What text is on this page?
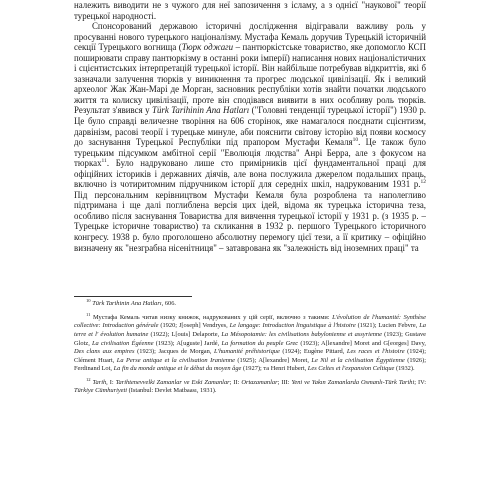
належить виводити не з чужого для неї запозичення з ісламу, а з однієї "наукової" теорії турецької народності.

Спонсорований державою історичні дослідження відігравали важливу роль у просуванні нового турецького націоналізму. Мустафа Кемаль доручив Турецькій історичній секції Турецького вогнища (Тюрк оджаги – пантюркістське товариство, яке допомогло КСП поширювати справу пантюркізму в останні роки імперії) написання нових націоналістичних і сцієнтистських інтерпретацій турецької історії. Він найбільше потребував відкриттів, які б зазначали залучення тюрків у виникнення та прогрес людської цивілізації. Як і великий археолог Жак Жан-Марі де Морган, засновник республіки хотів знайти початки людського життя та колиску цивілізації, проте він сподівався виявити в них особливу роль тюрків. Результат з'явився у Türk Tarihinin Ana Hatları ("Головні тенденції турецької історії") 1930 р. Це було справді величезне творіння на 606 сторінок, яке намагалося поєднати сцієнтизм, дарвінізм, расові теорії і турецьке минуле, аби пояснити світову історію від появи космосу до заснування Турецької Республіки під прапором Мустафи Кемаля$^{10}$. Це також було турецьким підсумком амбітної серії "Еволюція людства" Анрі Берра, але з фокусом на тюрках$^{11}$. Було надруковано лише сто примірників цієї фундаментальної праці для офіційних істориків і державних діячів, але вона послужила джерелом подальших праць, включно із чотиритомним підручником історії для середніх шкіл, надрукованим 1931 р.$^{12}$ Під персональним керівництвом Мустафи Кемаля була розроблена та наполегливо підтримана і ще далі поглиблена версія цих ідей, відома як турецька історична теза, особливо після заснування Товариства для вивчення турецької історії у 1931 р. (з 1935 р. – Турецьке історичне товариство) та скликання в 1932 р. першого Турецького історичного конгресу. 1938 р. було проголошено абсолютну перемогу цієї тези, а її критику – офіційно визначену як "незграбна нісенітниця" – затаврована як "залежність від іноземних праці" та

$^{10}$ Türk Tarihinin Ana Hatları, 606.

$^{11}$ Мустафа Кемаль читав низку книжок, надрукованих у цій серії, включно з такими: L'évolution de l'humanité: Synthèse collective: Introduction générale (1920; J[oseph] Vendryes, Le langage: Introduction linguistique à l'histoire (1921); Lucien Febvre, La terre et l' évolution humaine (1922); L[ouis] Delaporte, La Mésopotamie: les civilisations babylonienne et assyrienne (1923); Gustave Glotz, La civilisation Égéenne (1923); A[uguste] Jardé, La formation du peuple Grec (1923); A[lexandre] Moret and G[eorges] Davy, Des clans aux empires (1923); Jacques de Morgan, L'humanité préhistorique (1924); Eugène Pittard, Les races et l'histoire (1924); Clément Huart, La Perse antique et la civilisation Iranienne (1925); A[lexandre] Moret, Le Nil et la civilisation Égyptienne (1926); Ferdinand Lot, La fin du monde antique et le début du moyen âge (1927); та Henri Hubert, Les Celtes et l'expansion Celtique (1932).

$^{12}$ Tarih, I: Tarihtenevvelki Zamanlar ve Eski Zamanlar; II: Ortazamanlar; III: Yeni ve Yakın Zamanlarda Osmanlı-Türk Tarihi; IV: Türkiye Cümhuriyeti (Istanbul: Devlet Matbaası, 1931).
